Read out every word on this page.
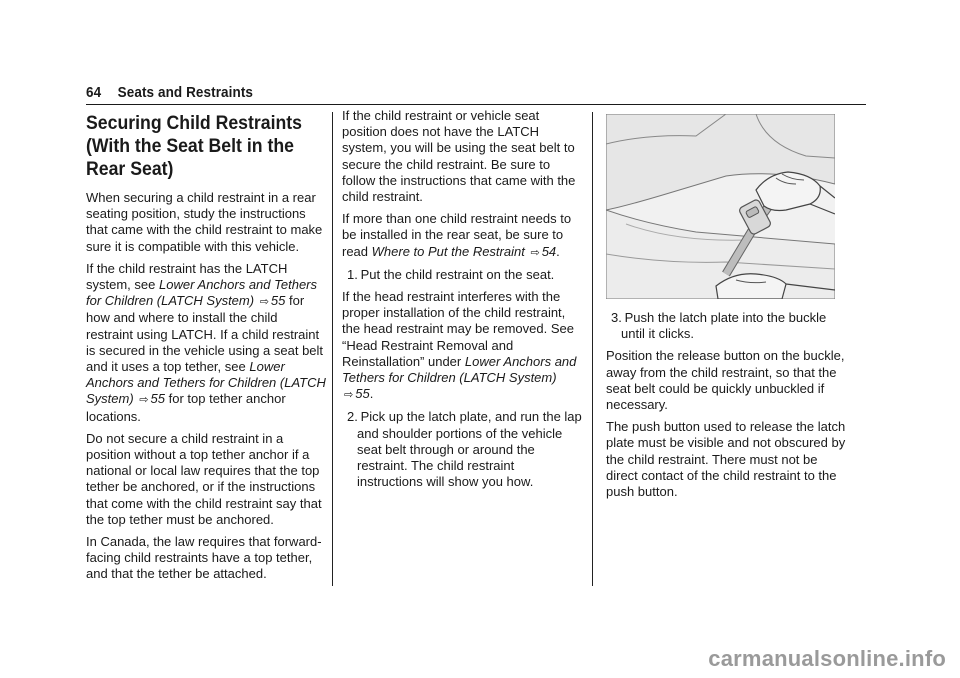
64 Seats and Restraints
Securing Child Restraints (With the Seat Belt in the Rear Seat)

When securing a child restraint in a rear seating position, study the instructions that came with the child restraint to make sure it is compatible with this vehicle.

If the child restraint has the LATCH system, see Lower Anchors and Tethers for Children (LATCH System) ⇨ 55 for how and where to install the child restraint using LATCH. If a child restraint is secured in the vehicle using a seat belt and it uses a top tether, see Lower Anchors and Tethers for Children (LATCH System) ⇨ 55 for top tether anchor locations.

Do not secure a child restraint in a position without a top tether anchor if a national or local law requires that the top tether be anchored, or if the instructions that come with the child restraint say that the top tether must be anchored.

In Canada, the law requires that forward-facing child restraints have a top tether, and that the tether be attached.

If the child restraint or vehicle seat position does not have the LATCH system, you will be using the seat belt to secure the child restraint. Be sure to follow the instructions that came with the child restraint.

If more than one child restraint needs to be installed in the rear seat, be sure to read Where to Put the Restraint ⇨ 54.

1. Put the child restraint on the seat.

If the head restraint interferes with the proper installation of the child restraint, the head restraint may be removed. See “Head Restraint Removal and Reinstallation” under Lower Anchors and Tethers for Children (LATCH System) ⇨ 55.

2. Pick up the latch plate, and run the lap and shoulder portions of the vehicle seat belt through or around the restraint. The child restraint instructions will show you how.
3. Push the latch plate into the buckle until it clicks.

Position the release button on the buckle, away from the child restraint, so that the seat belt could be quickly unbuckled if necessary.

The push button used to release the latch plate must be visible and not obscured by the child restraint. There must not be direct contact of the child restraint to the push button.

carmanualsonline.info
